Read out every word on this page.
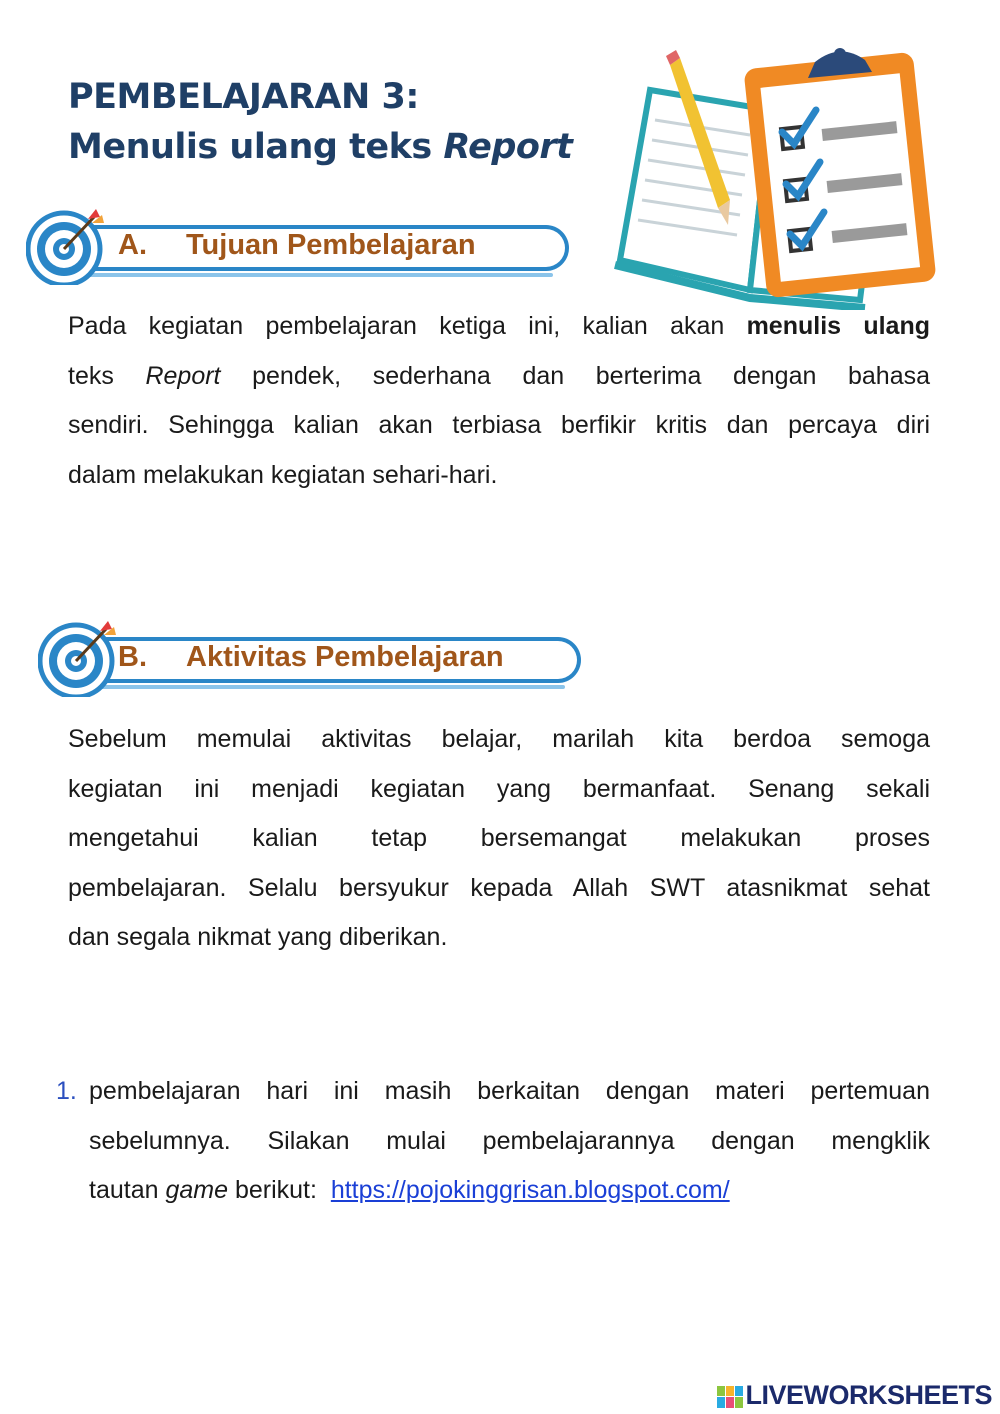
PEMBELAJARAN 3:
Menulis ulang teks Report
A. Tujuan Pembelajaran
Pada kegiatan pembelajaran ketiga ini, kalian akan menulis ulang
teks Report pendek, sederhana dan berterima dengan bahasa
sendiri. Sehingga kalian akan terbiasa berfikir kritis dan percaya diri
dalam melakukan kegiatan sehari-hari.
B. Aktivitas Pembelajaran
Sebelum memulai aktivitas belajar, marilah kita berdoa semoga
kegiatan ini menjadi kegiatan yang bermanfaat. Senang sekali
mengetahui kalian tetap bersemangat melakukan proses
pembelajaran. Selalu bersyukur kepada Allah SWT atasnikmat sehat
dan segala nikmat yang diberikan.
1. pembelajaran hari ini masih berkaitan dengan materi pertemuan
sebelumnya. Silakan mulai pembelajarannya dengan mengklik
tautan game berikut:  https://pojokinggrisan.blogspot.com/
LIVEWORKSHEETS
